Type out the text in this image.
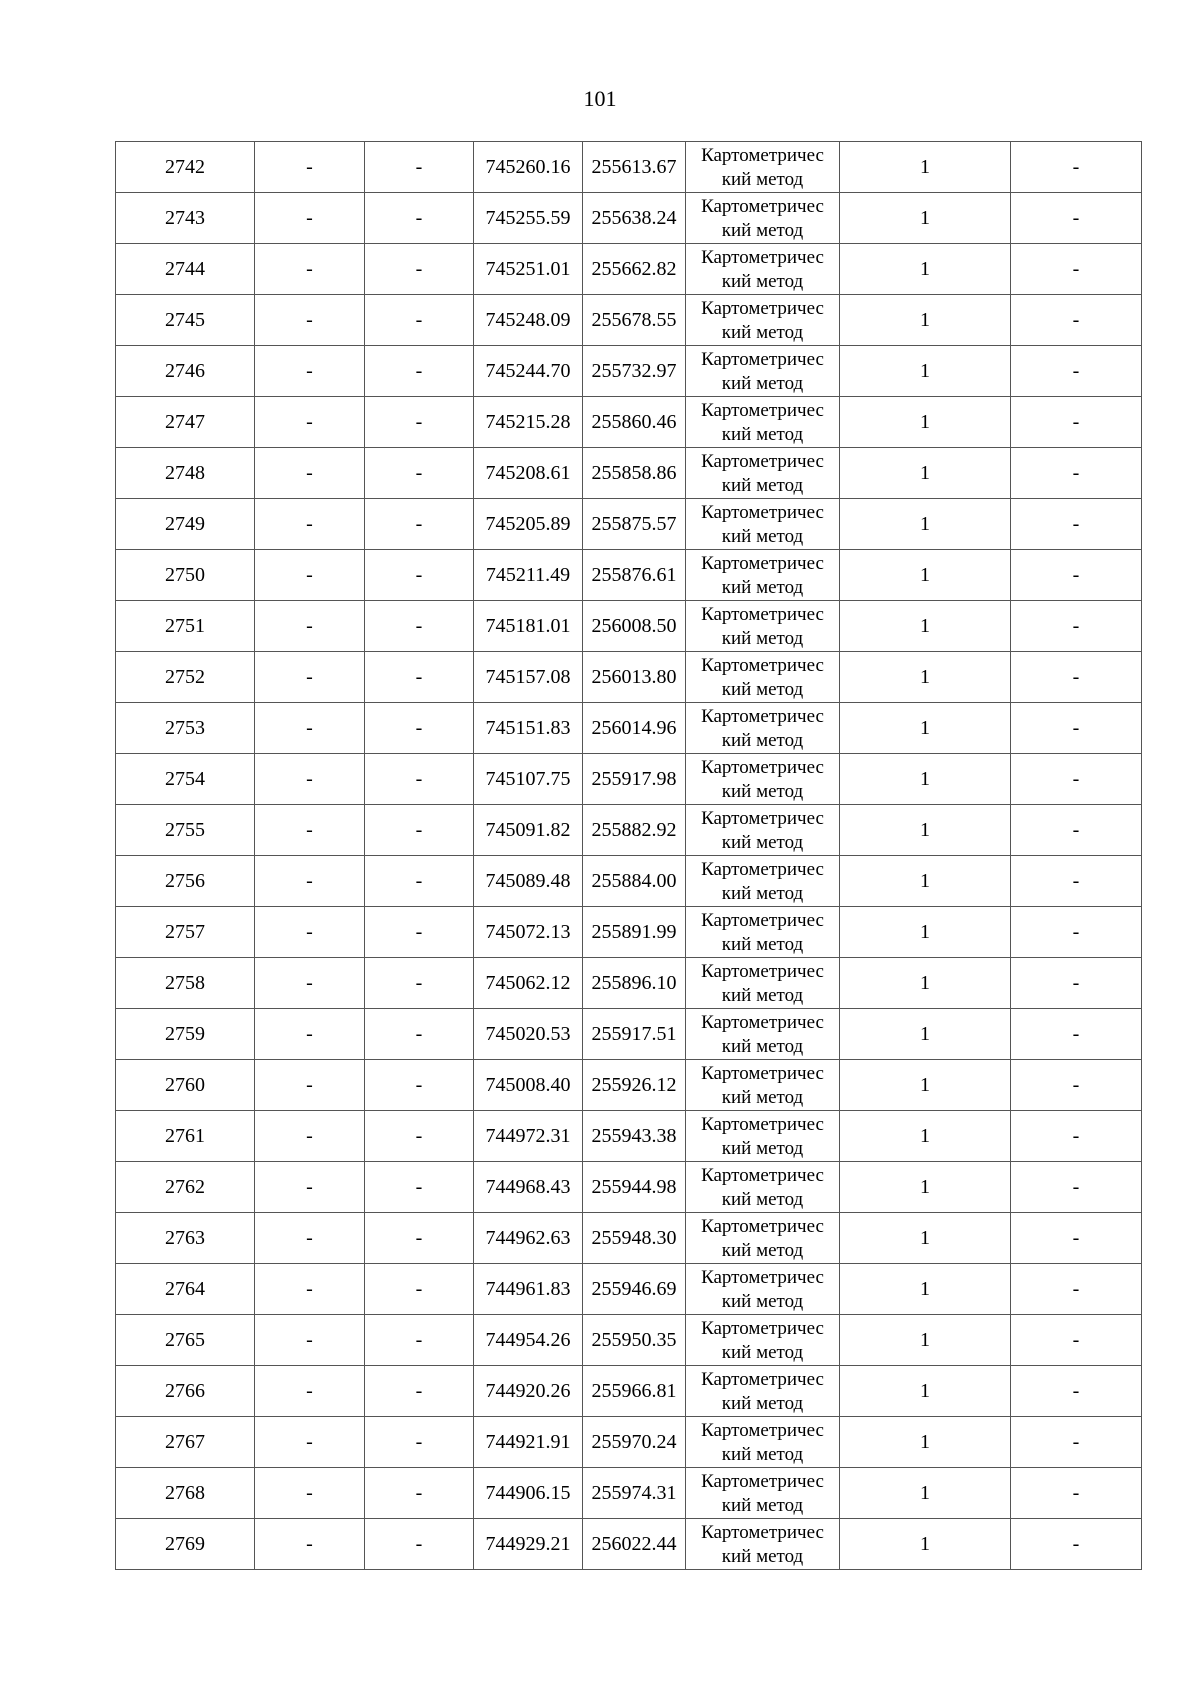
101
2742	-	-	745260.16	255613.67	Картометричес
кий метод	1	-
2743	-	-	745255.59	255638.24	Картометричес
кий метод	1	-
2744	-	-	745251.01	255662.82	Картометричес
кий метод	1	-
2745	-	-	745248.09	255678.55	Картометричес
кий метод	1	-
2746	-	-	745244.70	255732.97	Картометричес
кий метод	1	-
2747	-	-	745215.28	255860.46	Картометричес
кий метод	1	-
2748	-	-	745208.61	255858.86	Картометричес
кий метод	1	-
2749	-	-	745205.89	255875.57	Картометричес
кий метод	1	-
2750	-	-	745211.49	255876.61	Картометричес
кий метод	1	-
2751	-	-	745181.01	256008.50	Картометричес
кий метод	1	-
2752	-	-	745157.08	256013.80	Картометричес
кий метод	1	-
2753	-	-	745151.83	256014.96	Картометричес
кий метод	1	-
2754	-	-	745107.75	255917.98	Картометричес
кий метод	1	-
2755	-	-	745091.82	255882.92	Картометричес
кий метод	1	-
2756	-	-	745089.48	255884.00	Картометричес
кий метод	1	-
2757	-	-	745072.13	255891.99	Картометричес
кий метод	1	-
2758	-	-	745062.12	255896.10	Картометричес
кий метод	1	-
2759	-	-	745020.53	255917.51	Картометричес
кий метод	1	-
2760	-	-	745008.40	255926.12	Картометричес
кий метод	1	-
2761	-	-	744972.31	255943.38	Картометричес
кий метод	1	-
2762	-	-	744968.43	255944.98	Картометричес
кий метод	1	-
2763	-	-	744962.63	255948.30	Картометричес
кий метод	1	-
2764	-	-	744961.83	255946.69	Картометричес
кий метод	1	-
2765	-	-	744954.26	255950.35	Картометричес
кий метод	1	-
2766	-	-	744920.26	255966.81	Картометричес
кий метод	1	-
2767	-	-	744921.91	255970.24	Картометричес
кий метод	1	-
2768	-	-	744906.15	255974.31	Картометричес
кий метод	1	-
2769	-	-	744929.21	256022.44	Картометричес
кий метод	1	-
